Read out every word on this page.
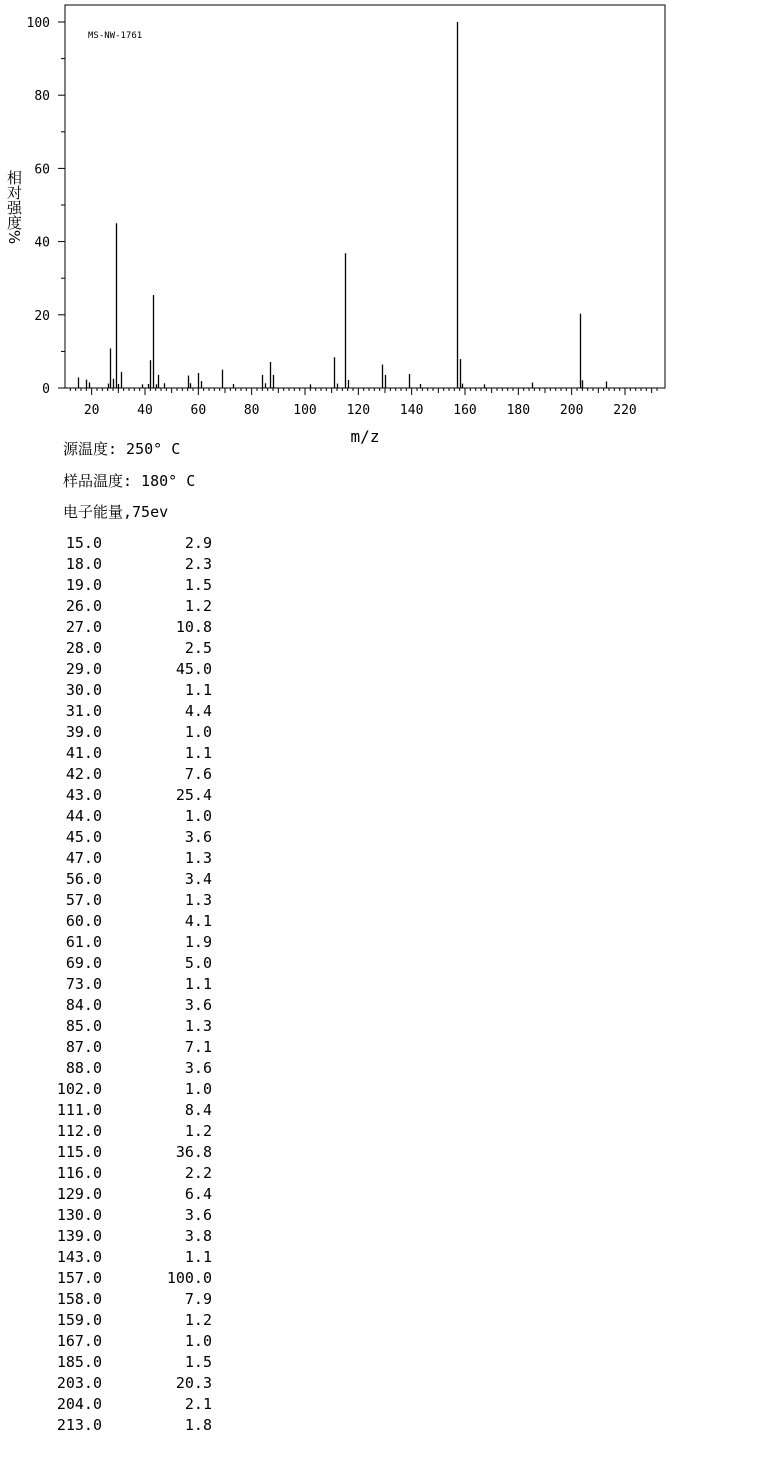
20	40	60	80	100 120 140 160 180 200 220
0
20
40
60
80
100
MS-NW-1761
m/z
相对强度%
源温度: 250° C
样品温度: 180° C
电子能量,75ev
15.0	2.9
18.0	2.3
19.0	1.5
26.0	1.2
27.0	10.8
28.0	2.5
29.0	45.0
30.0	1.1
31.0	4.4
39.0	1.0
41.0	1.1
42.0	7.6
43.0	25.4
44.0	1.0
45.0	3.6
47.0	1.3
56.0	3.4
57.0	1.3
60.0	4.1
61.0	1.9
69.0	5.0
73.0	1.1
84.0	3.6
85.0	1.3
87.0	7.1
88.0	3.6
102.0	1.0
111.0	8.4
112.0	1.2
115.0	36.8
116.0	2.2
129.0	6.4
130.0	3.6
139.0	3.8
143.0	1.1
157.0	100.0
158.0	7.9
159.0	1.2
167.0	1.0
185.0	1.5
203.0	20.3
204.0	2.1
213.0	1.8
